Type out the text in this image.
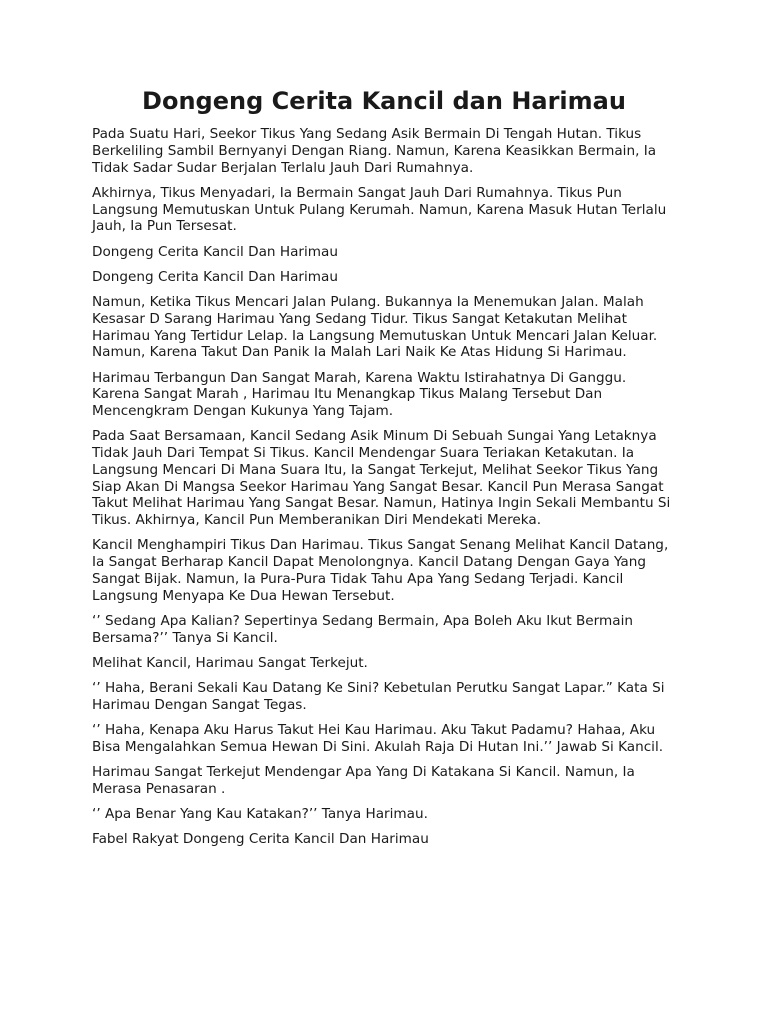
Dongeng Cerita Kancil dan Harimau

Pada Suatu Hari, Seekor Tikus Yang Sedang Asik Bermain Di Tengah Hutan. Tikus Berkeliling Sambil Bernyanyi Dengan Riang. Namun, Karena Keasikkan Bermain, Ia Tidak Sadar Sudar Berjalan Terlalu Jauh Dari Rumahnya.

Akhirnya, Tikus Menyadari, Ia Bermain Sangat Jauh Dari Rumahnya. Tikus Pun Langsung Memutuskan Untuk Pulang Kerumah. Namun, Karena Masuk Hutan Terlalu Jauh, Ia Pun Tersesat.

Dongeng Cerita Kancil Dan Harimau

Dongeng Cerita Kancil Dan Harimau

Namun, Ketika Tikus Mencari Jalan Pulang. Bukannya Ia Menemukan Jalan. Malah Kesasar D Sarang Harimau Yang Sedang Tidur. Tikus Sangat Ketakutan Melihat Harimau Yang Tertidur Lelap. Ia Langsung Memutuskan Untuk Mencari Jalan Keluar. Namun, Karena Takut Dan Panik Ia Malah Lari Naik Ke Atas Hidung Si Harimau.

Harimau Terbangun Dan Sangat Marah, Karena Waktu Istirahatnya Di Ganggu. Karena Sangat Marah , Harimau Itu Menangkap Tikus Malang Tersebut Dan Mencengkram Dengan Kukunya Yang Tajam.

Pada Saat Bersamaan, Kancil Sedang Asik Minum Di Sebuah Sungai Yang Letaknya Tidak Jauh Dari Tempat Si Tikus. Kancil Mendengar Suara Teriakan Ketakutan. Ia Langsung Mencari Di Mana Suara Itu, Ia Sangat Terkejut, Melihat Seekor Tikus Yang Siap Akan Di Mangsa Seekor Harimau Yang Sangat Besar. Kancil Pun Merasa Sangat Takut Melihat Harimau Yang Sangat Besar. Namun, Hatinya Ingin Sekali Membantu Si Tikus. Akhirnya, Kancil Pun Memberanikan Diri Mendekati Mereka.

Kancil Menghampiri Tikus Dan Harimau. Tikus Sangat Senang Melihat Kancil Datang, Ia Sangat Berharap Kancil Dapat Menolongnya. Kancil Datang Dengan Gaya Yang Sangat Bijak. Namun, Ia Pura-Pura Tidak Tahu Apa Yang Sedang Terjadi. Kancil Langsung Menyapa Ke Dua Hewan Tersebut.

‘’ Sedang Apa Kalian? Sepertinya Sedang Bermain, Apa Boleh Aku Ikut Bermain Bersama?’’ Tanya Si Kancil.

Melihat Kancil, Harimau Sangat Terkejut.

‘’ Haha, Berani Sekali Kau Datang Ke Sini? Kebetulan Perutku Sangat Lapar.” Kata Si Harimau Dengan Sangat Tegas.

‘’ Haha, Kenapa Aku Harus Takut Hei Kau Harimau. Aku Takut Padamu? Hahaa, Aku Bisa Mengalahkan Semua Hewan Di Sini. Akulah Raja Di Hutan Ini.’’ Jawab Si Kancil.

Harimau Sangat Terkejut Mendengar Apa Yang Di Katakana Si Kancil. Namun, Ia Merasa Penasaran .

‘’ Apa Benar Yang Kau Katakan?’’ Tanya Harimau.

Fabel Rakyat Dongeng Cerita Kancil Dan Harimau
